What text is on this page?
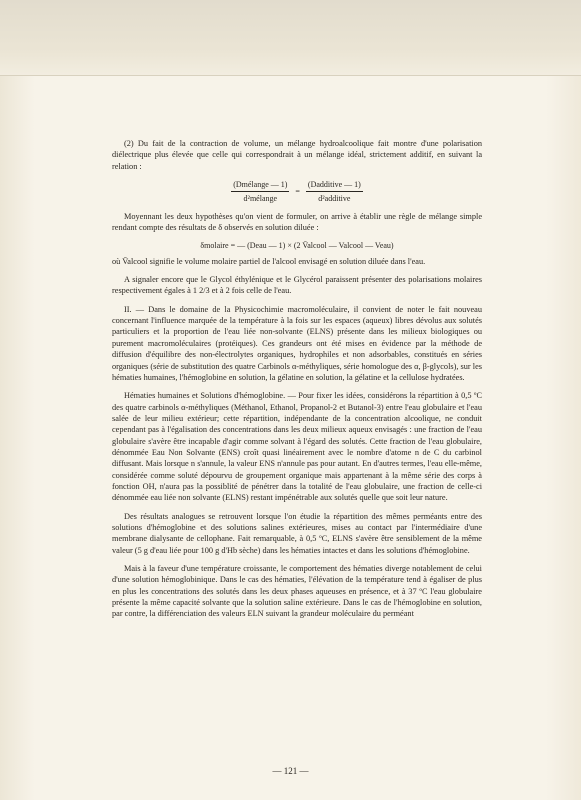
(2) Du fait de la contraction de volume, un mélange hydroalcoolique fait montre d'une polarisation diélectrique plus élevée que celle qui correspondrait à un mélange idéal, strictement additif, en suivant la relation :

$\frac{\text{(Dmélange — 1)}}{\text{d²mélange}} = \frac{\text{(Dadditive — 1)}}{\text{d²additive}}$

Moyennant les deux hypothèses qu'on vient de formuler, on arrive à établir une règle de mélange simple rendant compte des résultats de δ observés en solution diluée :

δmolaire = — (Deau — 1) × (2 V̄alcool — Valcool — Veau)

où V̄alcool signifie le volume molaire partiel de l'alcool envisagé en solution diluée dans l'eau.

A signaler encore que le Glycol éthylénique et le Glycérol paraissent présenter des polarisations molaires respectivement égales à 1 2/3 et à 2 fois celle de l'eau.

II. — Dans le domaine de la Physicochimie macromoléculaire, il convient de noter le fait nouveau concernant l'influence marquée de la température à la fois sur les espaces (aqueux) libres dévolus aux solutés particuliers et la proportion de l'eau liée non-solvante (ELNS) présente dans les milieux biologiques ou purement macromoléculaires (protéiques). Ces grandeurs ont été mises en évidence par la méthode de diffusion d'équilibre des non-électrolytes organiques, hydrophiles et non adsorbables, constitués en séries organiques (série de substitution des quatre Carbinols α-méthyliques, série homologue des α, β-glycols), sur les hématies humaines, l'hémoglobine en solution, la gélatine en solution, la gélatine et la cellulose hydratées.

Hématies humaines et Solutions d'hémoglobine. — Pour fixer les idées, considérons la répartition à 0,5 ºC des quatre carbinols α-méthyliques (Méthanol, Ethanol, Propanol-2 et Butanol-3) entre l'eau globulaire et l'eau salée de leur milieu extérieur; cette répartition, indépendante de la concentration alcoolique, ne conduit cependant pas à l'égalisation des concentrations dans les deux milieux aqueux envisagés : une fraction de l'eau globulaire s'avère être incapable d'agir comme solvant à l'égard des solutés. Cette fraction de l'eau globulaire, dénommée Eau Non Solvante (ENS) croît quasi linéairement avec le nombre d'atome n de C du carbinol diffusant. Mais lorsque n s'annule, la valeur ENS n'annule pas pour autant. En d'autres termes, l'eau elle-même, considérée comme soluté dépourvu de groupement organique mais appartenant à la même série des corps à fonction OH, n'aura pas la possiblité de pénétrer dans la totalité de l'eau globulaire, une fraction de celle-ci dénommée eau liée non solvante (ELNS) restant impénétrable aux solutés quelle que soit leur nature.

Des résultats analogues se retrouvent lorsque l'on étudie la répartition des mêmes perméants entre des solutions d'hémoglobine et des solutions salines extérieures, mises au contact par l'intermédiaire d'une membrane dialysante de cellophane. Fait remarquable, à 0,5 ºC, ELNS s'avère être sensiblement de la même valeur (5 g d'eau liée pour 100 g d'Hb sèche) dans les hématies intactes et dans les solutions d'hémoglobine.

Mais à la faveur d'une température croissante, le comportement des hématies diverge notablement de celui d'une solution hémoglobinique. Dans le cas des hématies, l'élévation de la température tend à égaliser de plus en plus les concentrations des solutés dans les deux phases aqueuses en présence, et à 37 ºC l'eau globulaire présente la même capacité solvante que la solution saline extérieure. Dans le cas de l'hémoglobine en solution, par contre, la différenciation des valeurs ELN suivant la grandeur moléculaire du perméant

— 121 —
